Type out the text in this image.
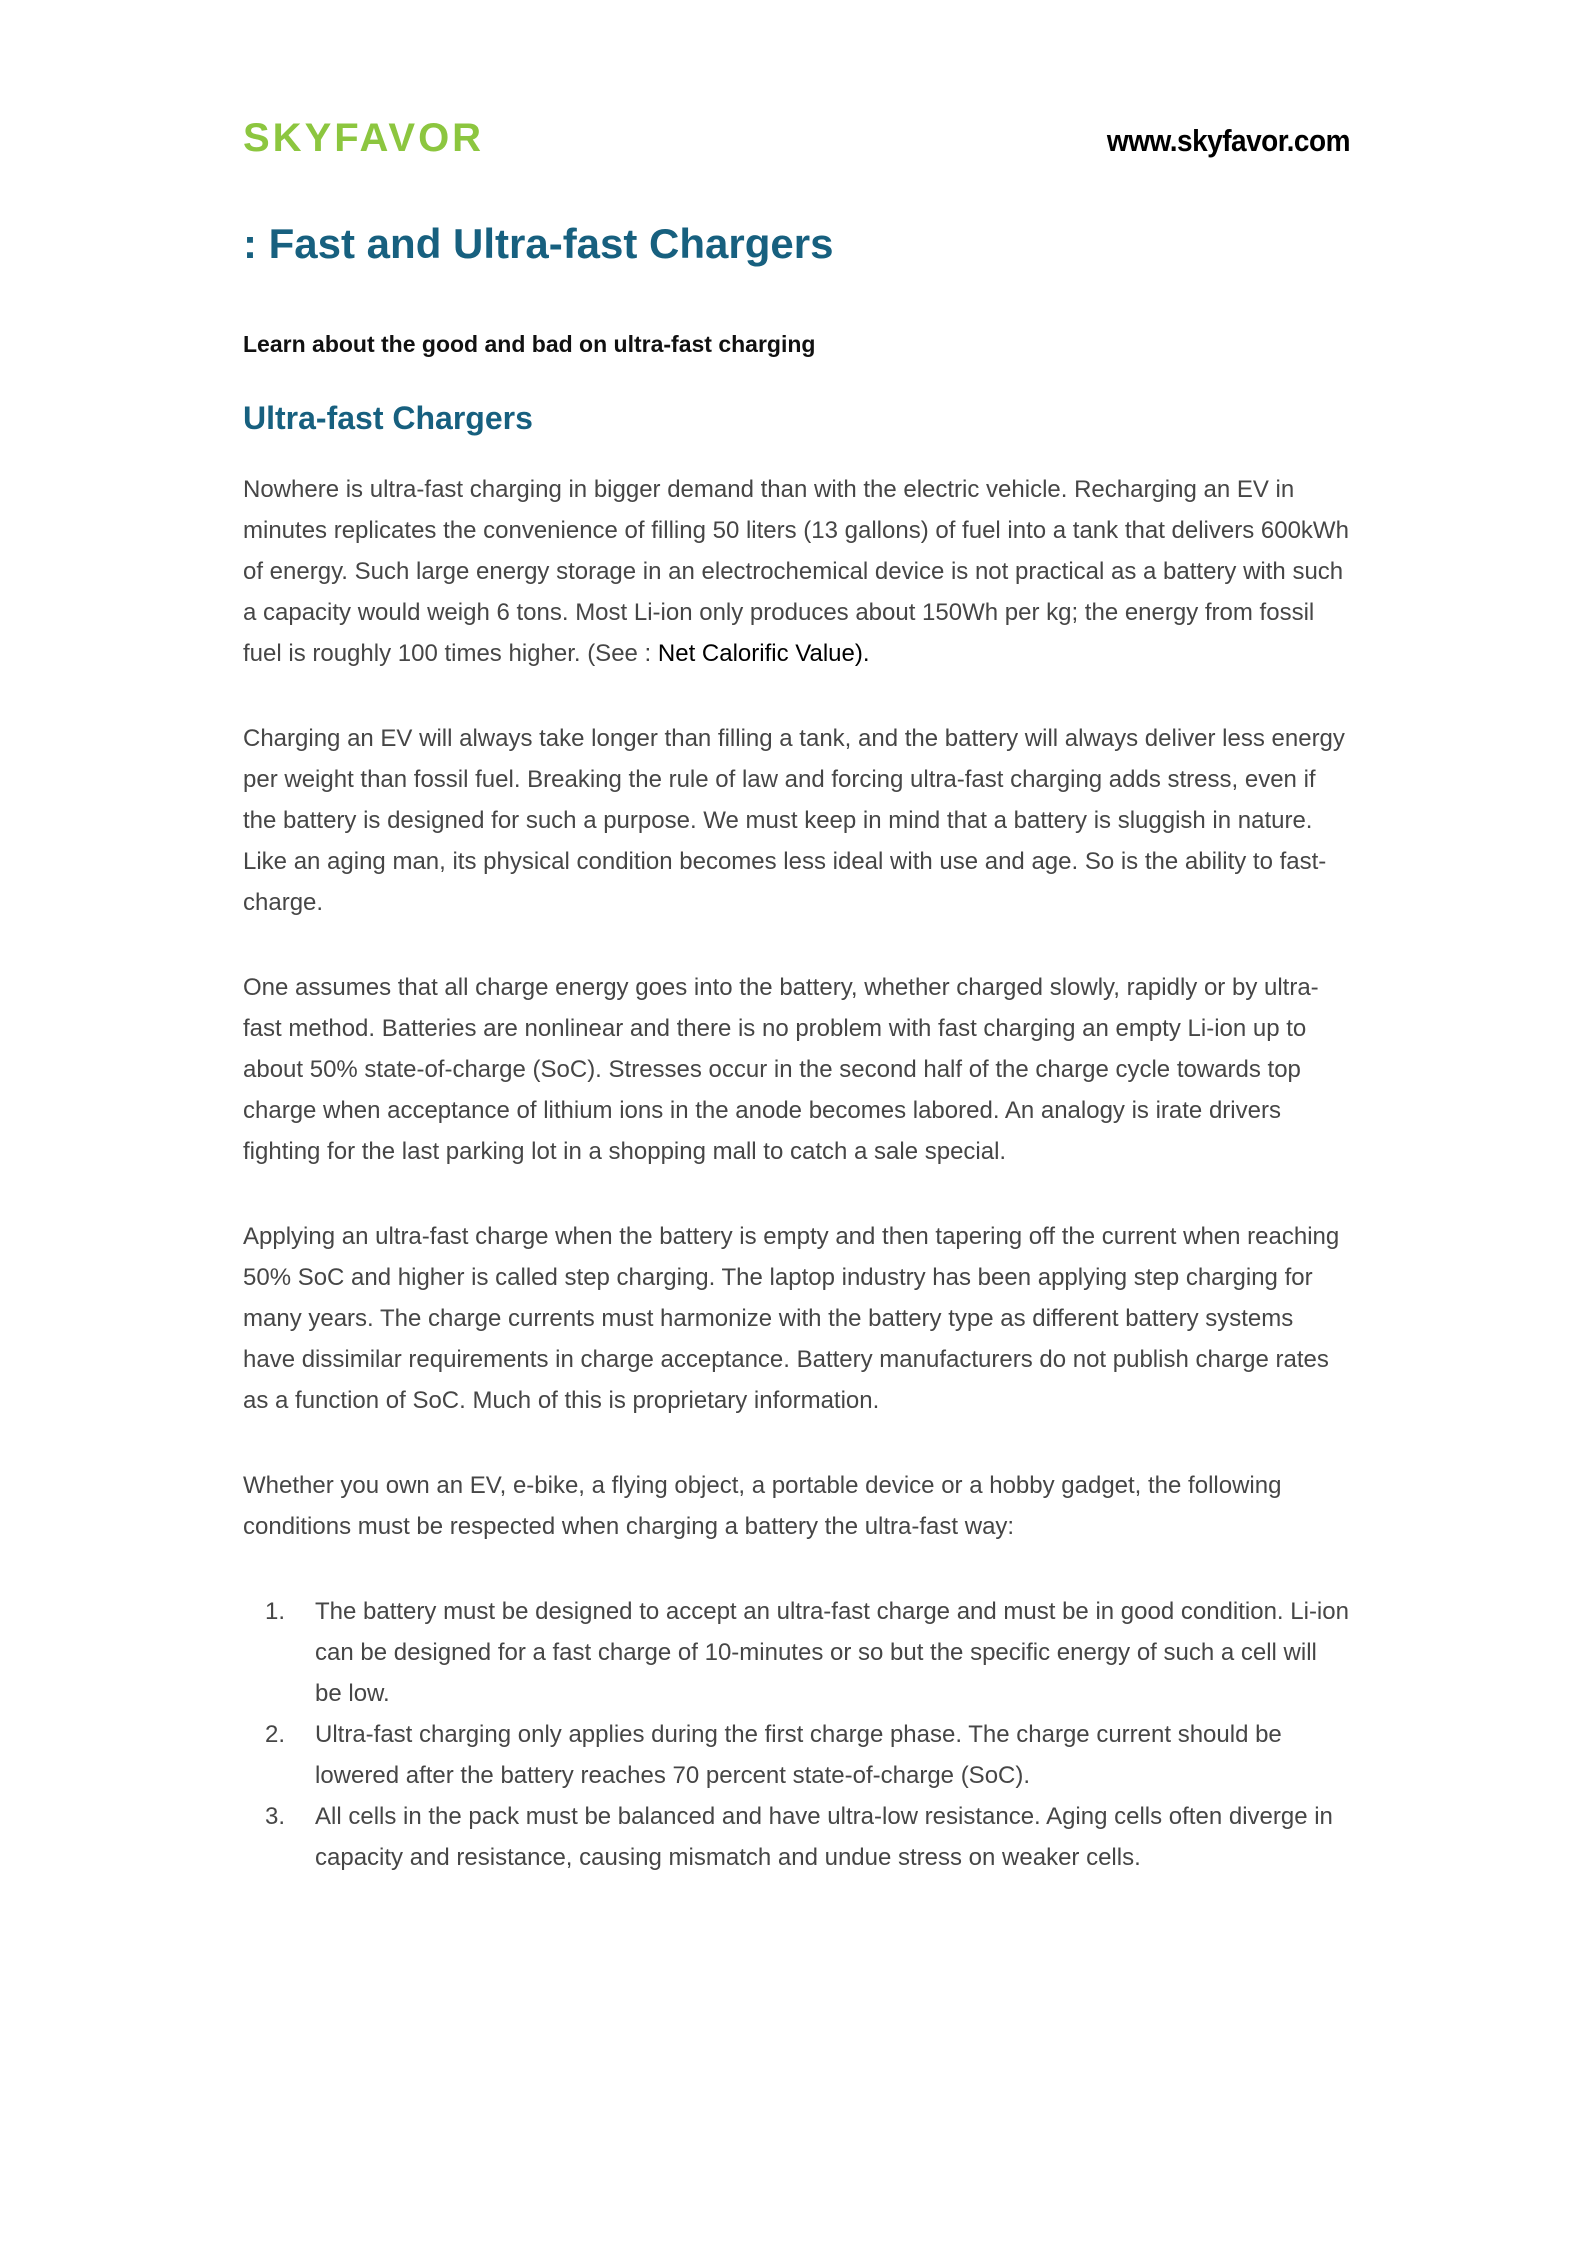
SKYFAVOR	www.skyfavor.com
: Fast and Ultra-fast Chargers

Learn about the good and bad on ultra-fast charging

Ultra-fast Chargers

Nowhere is ultra-fast charging in bigger demand than with the electric vehicle. Recharging an EV in minutes replicates the convenience of filling 50 liters (13 gallons) of fuel into a tank that delivers 600kWh of energy. Such large energy storage in an electrochemical device is not practical as a battery with such a capacity would weigh 6 tons. Most Li-ion only produces about 150Wh per kg; the energy from fossil fuel is roughly 100 times higher. (See : Net Calorific Value).

Charging an EV will always take longer than filling a tank, and the battery will always deliver less energy per weight than fossil fuel. Breaking the rule of law and forcing ultra-fast charging adds stress, even if the battery is designed for such a purpose. We must keep in mind that a battery is sluggish in nature. Like an aging man, its physical condition becomes less ideal with use and age. So is the ability to fast-charge.

One assumes that all charge energy goes into the battery, whether charged slowly, rapidly or by ultra-fast method. Batteries are nonlinear and there is no problem with fast charging an empty Li-ion up to about 50% state-of-charge (SoC). Stresses occur in the second half of the charge cycle towards top charge when acceptance of lithium ions in the anode becomes labored. An analogy is irate drivers fighting for the last parking lot in a shopping mall to catch a sale special.

Applying an ultra-fast charge when the battery is empty and then tapering off the current when reaching 50% SoC and higher is called step charging. The laptop industry has been applying step charging for many years. The charge currents must harmonize with the battery type as different battery systems have dissimilar requirements in charge acceptance. Battery manufacturers do not publish charge rates as a function of SoC. Much of this is proprietary information.

Whether you own an EV, e-bike, a flying object, a portable device or a hobby gadget, the following conditions must be respected when charging a battery the ultra-fast way:

1.	The battery must be designed to accept an ultra-fast charge and must be in good condition. Li-ion can be designed for a fast charge of 10-minutes or so but the specific energy of such a cell will be low.
2.	Ultra-fast charging only applies during the first charge phase. The charge current should be lowered after the battery reaches 70 percent state-of-charge (SoC).
3.	All cells in the pack must be balanced and have ultra-low resistance. Aging cells often diverge in capacity and resistance, causing mismatch and undue stress on weaker cells.
